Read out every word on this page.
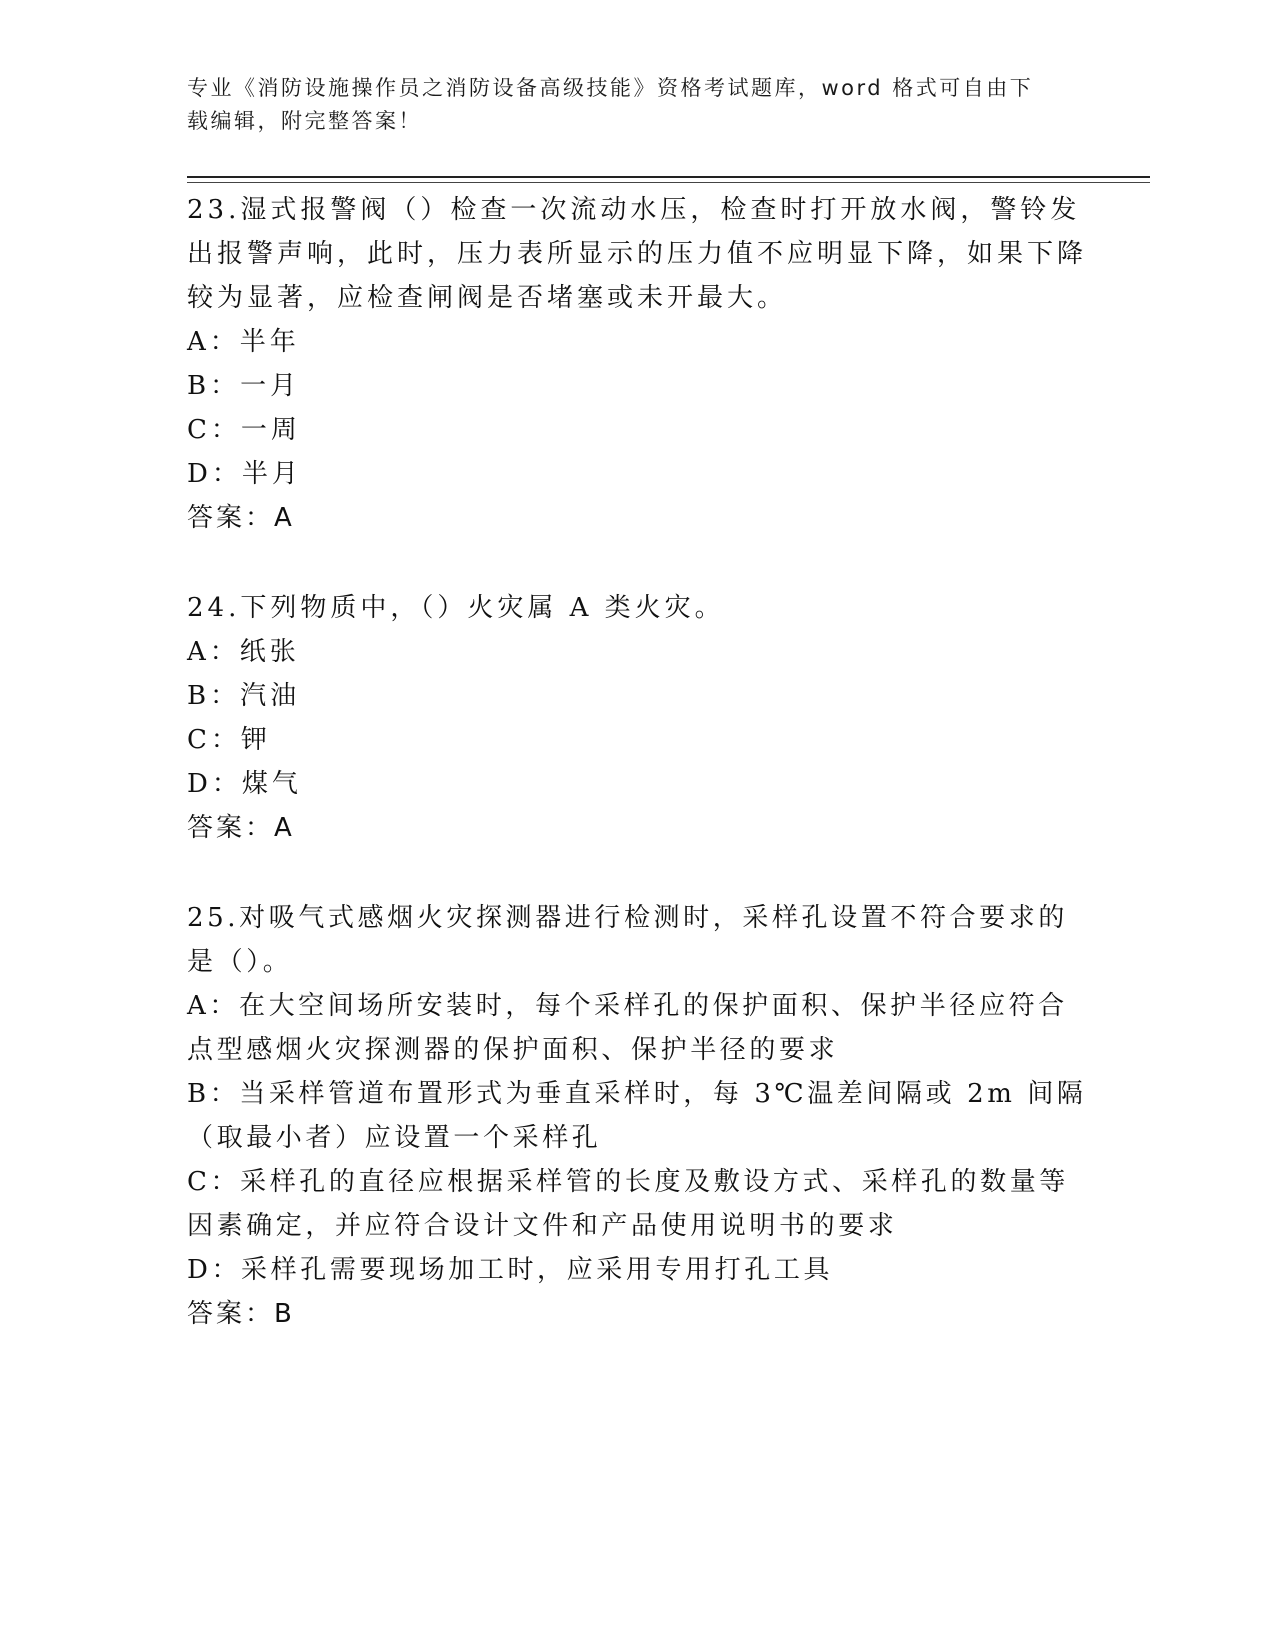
专业《消防设施操作员之消防设备高级技能》资格考试题库，word 格式可自由下
载编辑，附完整答案！

23.湿式报警阀（）检查一次流动水压，检查时打开放水阀，警铃发出报警声响，此时，压力表所显示的压力值不应明显下降，如果下降较为显著，应检查闸阀是否堵塞或未开最大。

A：半年

B：一月

C：一周

D：半月

答案：A

24.下列物质中，（）火灾属 A 类火灾。

A：纸张

B：汽油

C：钾

D：煤气

答案：A

25.对吸气式感烟火灾探测器进行检测时，采样孔设置不符合要求的是（）。

A：在大空间场所安装时，每个采样孔的保护面积、保护半径应符合点型感烟火灾探测器的保护面积、保护半径的要求

B：当采样管道布置形式为垂直采样时，每 3℃温差间隔或 2m 间隔（取最小者）应设置一个采样孔

C：采样孔的直径应根据采样管的长度及敷设方式、采样孔的数量等因素确定，并应符合设计文件和产品使用说明书的要求

D：采样孔需要现场加工时，应采用专用打孔工具

答案：B
